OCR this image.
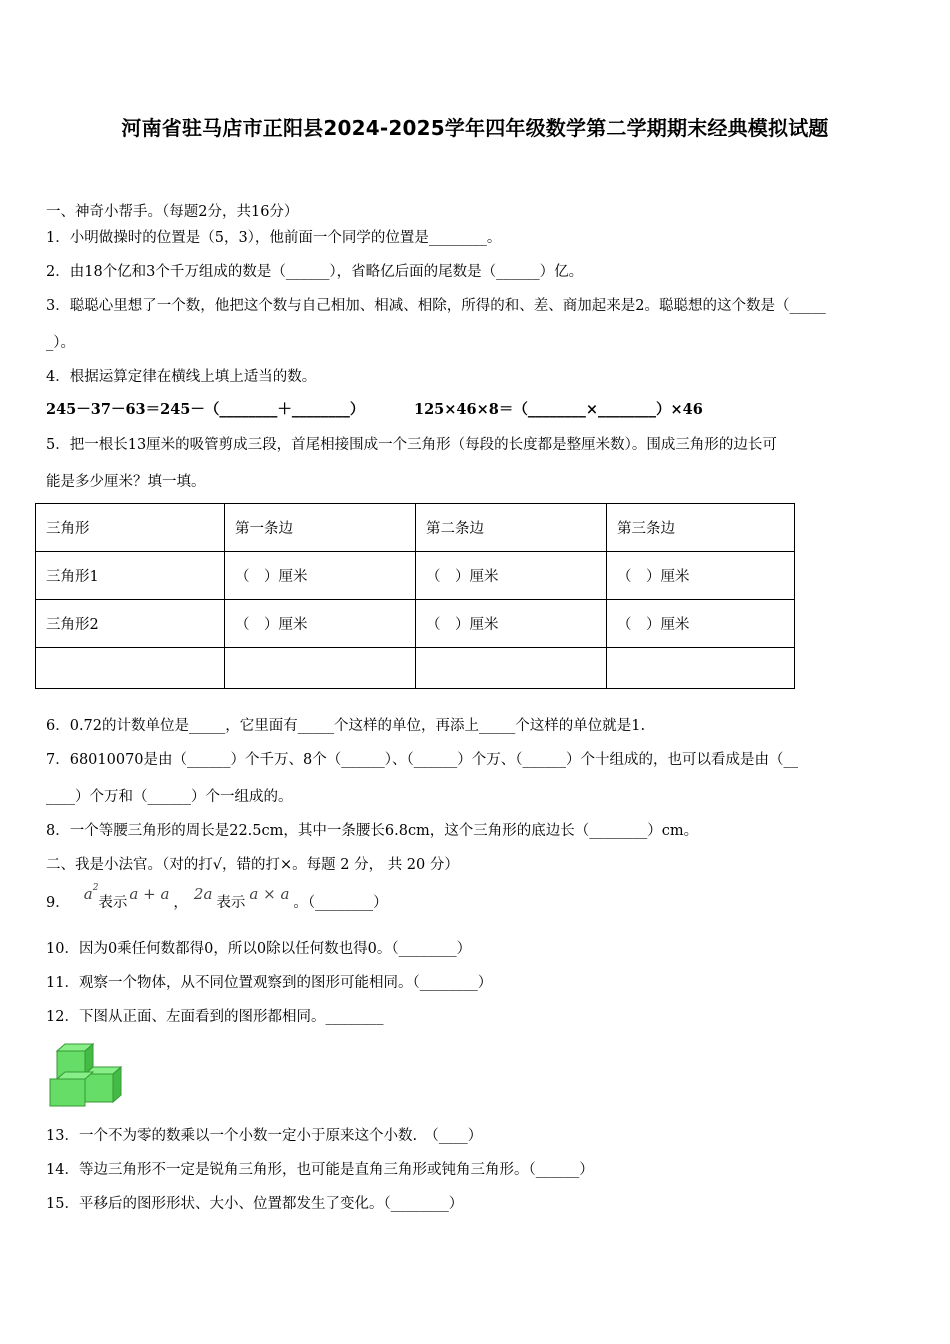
河南省驻马店市正阳县2024-2025学年四年级数学第二学期期末经典模拟试题
一、神奇小帮手。（每题2分，共16分）
1．小明做操时的位置是（5，3），他前面一个同学的位置是________。
2．由18个亿和3个千万组成的数是（______），省略亿后面的尾数是（______）亿。
3．聪聪心里想了一个数，他把这个数与自己相加、相减、相除，所得的和、差、商加起来是2。聪聪想的这个数是（_____
_）。
4．根据运算定律在横线上填上适当的数。
245－37－63＝245－（________＋________）	125×46×8＝（________×________）×46
5．把一根长13厘米的吸管剪成三段，首尾相接围成一个三角形（每段的长度都是整厘米数）。围成三角形的边长可
能是多少厘米？填一填。
三角形	第一条边	第二条边	第三条边
三角形1	（　）厘米	（　）厘米	（　）厘米
三角形2	（　）厘米	（　）厘米	（　）厘米

6．0.72的计数单位是_____，它里面有_____个这样的单位，再添上_____个这样的单位就是1.
7．68010070是由（______）个千万、8个（______）、（______）个万、（______）个十组成的，也可以看成是由（__
____）个万和（______）个一组成的。
8．一个等腰三角形的周长是22.5cm，其中一条腰长6.8cm，这个三角形的底边长（________）cm。
二、我是小法官。（对的打√，错的打×。每题 2 分， 共 20 分）
9． $a^2$表示 a + a ， 2a 表示 a × a 。（________）
10．因为0乘任何数都得0，所以0除以任何数也得0。（________）
11．观察一个物体，从不同位置观察到的图形可能相同。（________）
12．下图从正面、左面看到的图形都相同。________
13．一个不为零的数乘以一个小数一定小于原来这个小数.　（____）
14．等边三角形不一定是锐角三角形，也可能是直角三角形或钝角三角形。（______）
15．平移后的图形形状、大小、位置都发生了变化。（________）
